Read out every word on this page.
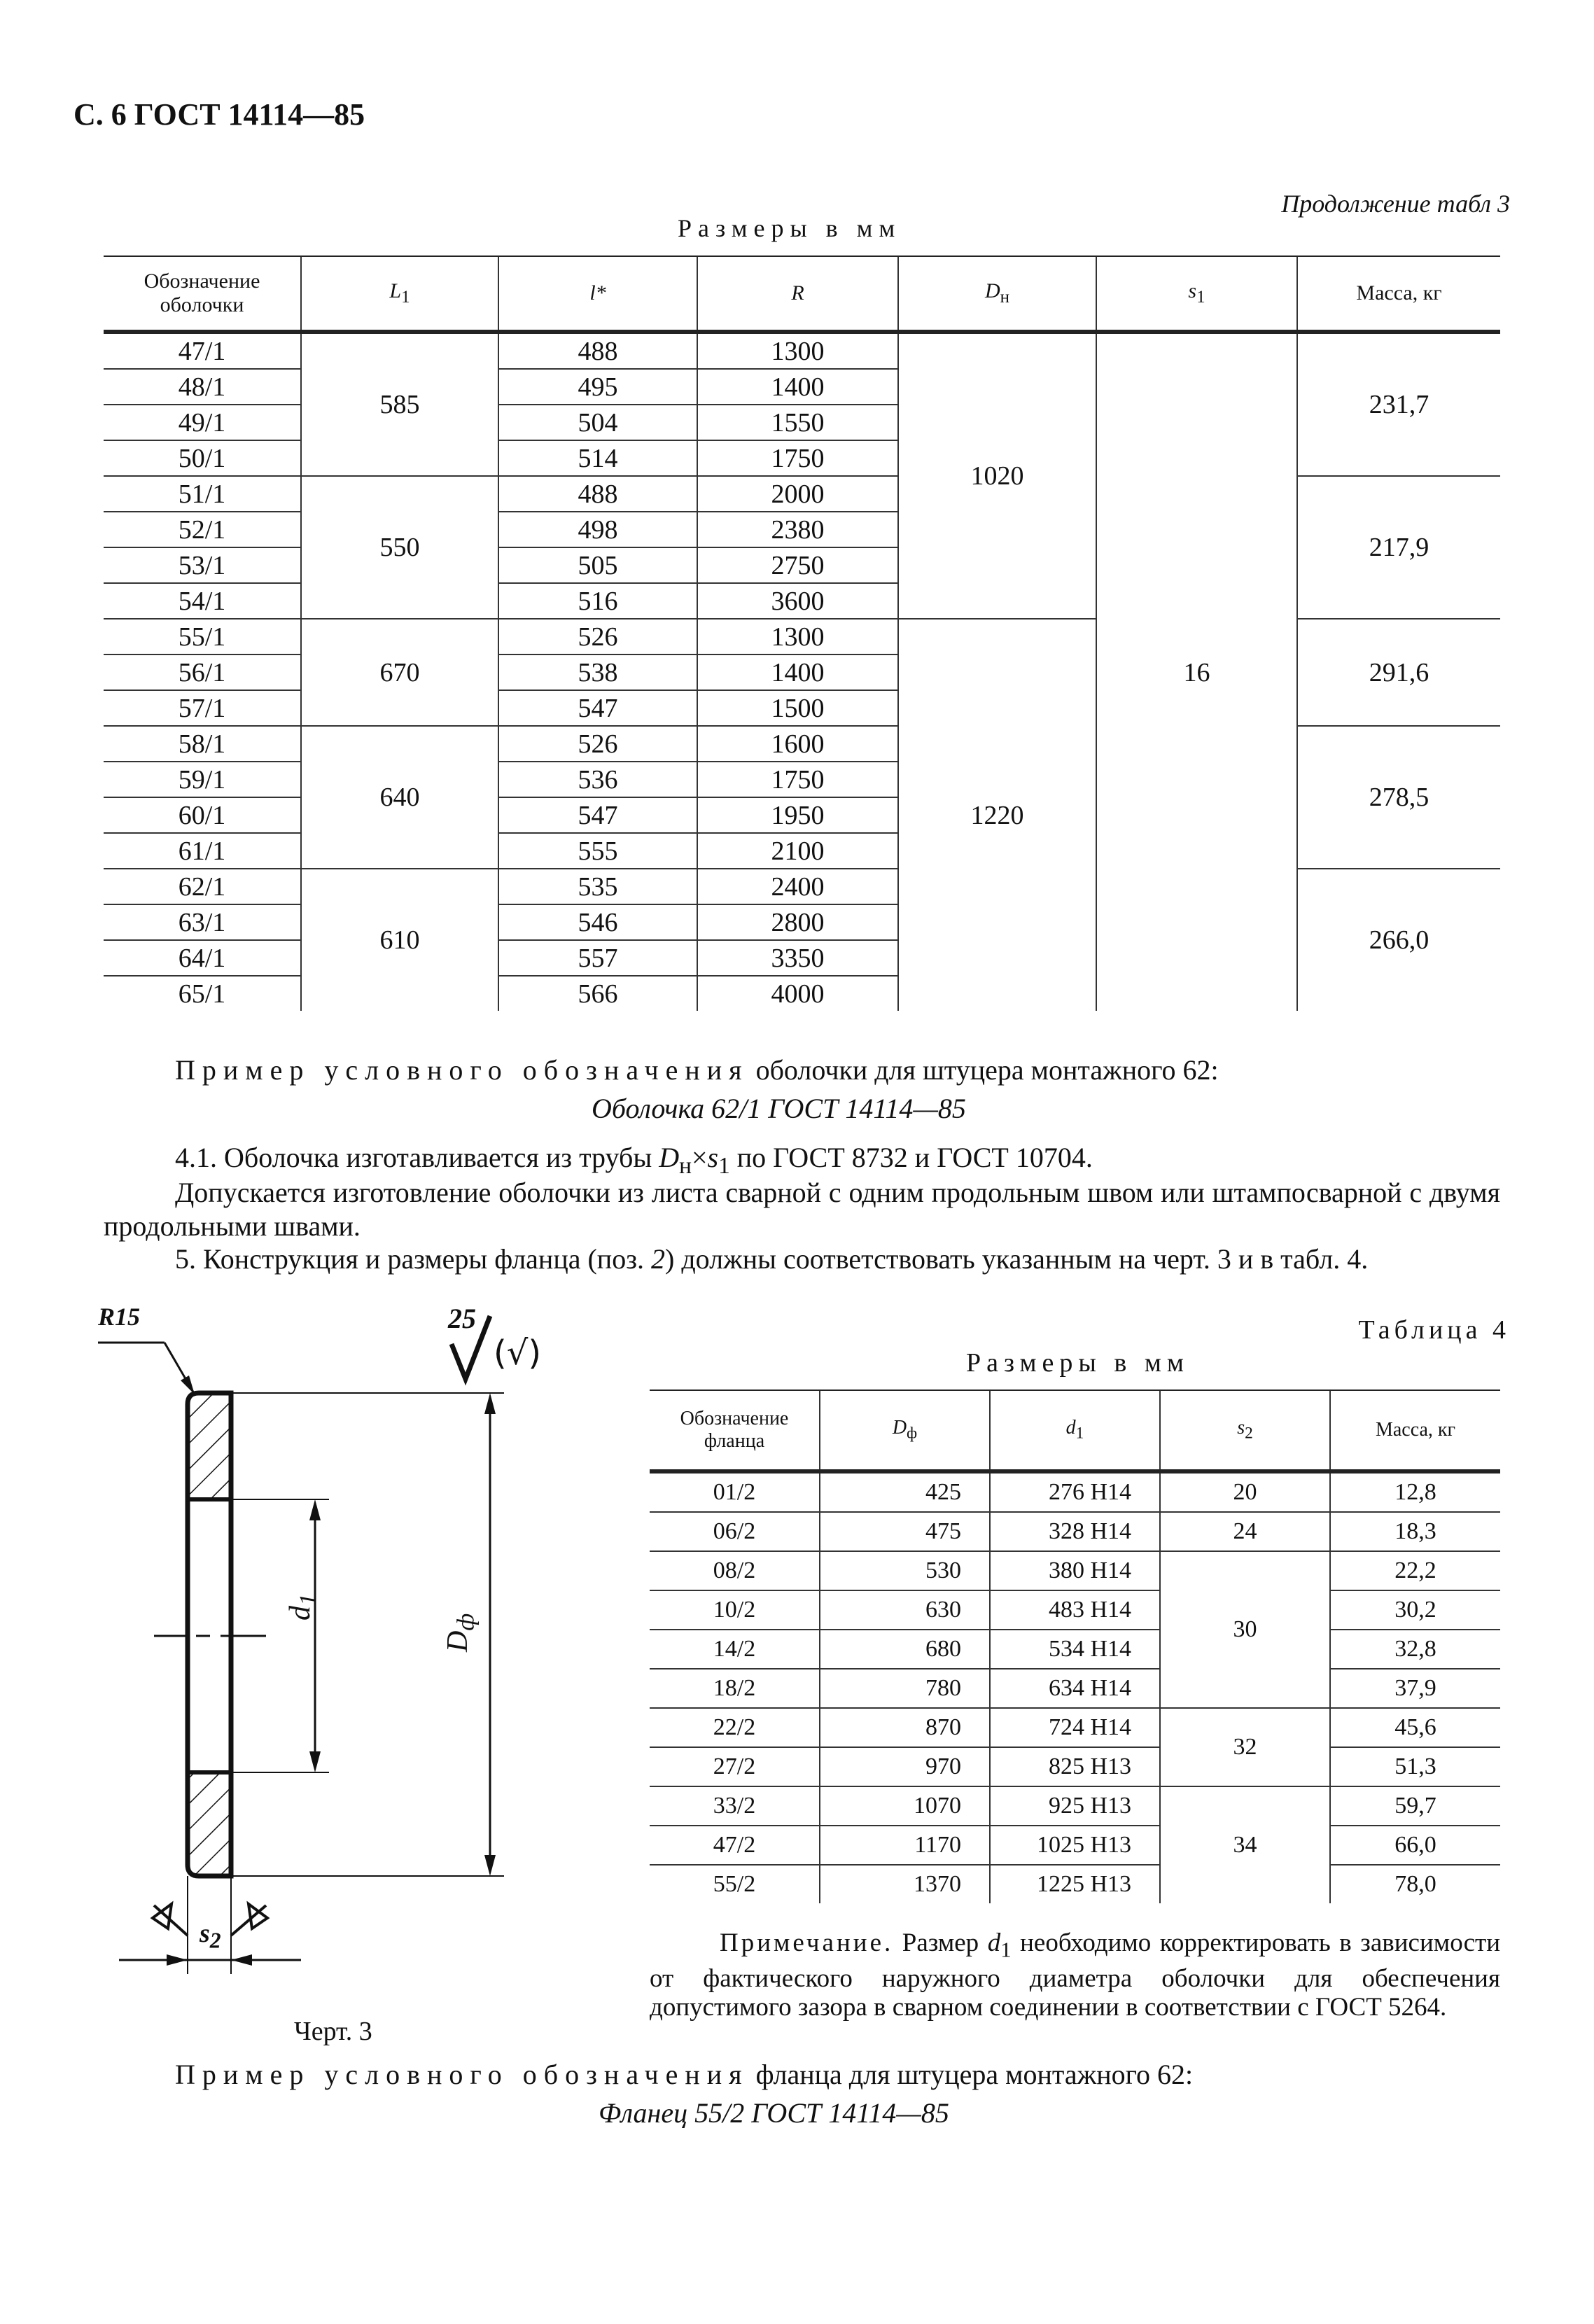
С. 6 ГОСТ 14114—85
Продолжение табл 3
Размеры в мм
Обозначение оболочки	$L_1$	l*	R	$D_н$	$s_1$	Масса, кг
47/1	585	488	1300	1020	16	231,7
48/1		495	1400			
49/1		504	1550			
50/1		514	1750			
51/1	550	488	2000			217,9
52/1		498	2380			
53/1		505	2750			
54/1		516	3600			
55/1	670	526	1300	1220		291,6
56/1		538	1400			
57/1		547	1500			
58/1	640	526	1600			278,5
59/1		536	1750			
60/1		547	1950			
61/1		555	2100			
62/1	610	535	2400			266,0
63/1		546	2800			
64/1		557	3350			
65/1		566	4000			
Пример условного обозначения оболочки для штуцера монтажного 62:
Оболочка 62/1 ГОСТ 14114—85
4.1. Оболочка изготавливается из трубы $D_н\times s_1$ по ГОСТ 8732 и ГОСТ 10704.
Допускается изготовление оболочки из листа сварной с одним продольным швом или штампосварной с двумя продольными швами.
5. Конструкция и размеры фланца (поз. 2) должны соответствовать указанным на черт. 3 и в табл. 4.
25
(√)
R15
$d_1$
$D_ф$
$s_2$
Черт. 3
Таблица 4
Размеры в мм
Обозначение фланца	$D_ф$	$d_1$	$s_2$	Масса, кг
01/2	425	276 Н14	20	12,8
06/2	475	328 Н14	24	18,3
08/2	530	380 Н14	30	22,2
10/2	630	483 Н14		30,2
14/2	680	534 Н14		32,8
18/2	780	634 Н14		37,9
22/2	870	724 Н14	32	45,6
27/2	970	825 Н13		51,3
33/2	1070	925 Н13	34	59,7
47/2	1170	1025 Н13		66,0
55/2	1370	1225 Н13		78,0
Примечание. Размер $d_1$ необходимо корректировать в зависимости от фактического наружного диаметра оболочки для обеспечения допустимого зазора в сварном соединении в соответствии с ГОСТ 5264.
Пример условного обозначения фланца для штуцера монтажного 62:
Фланец 55/2 ГОСТ 14114—85
